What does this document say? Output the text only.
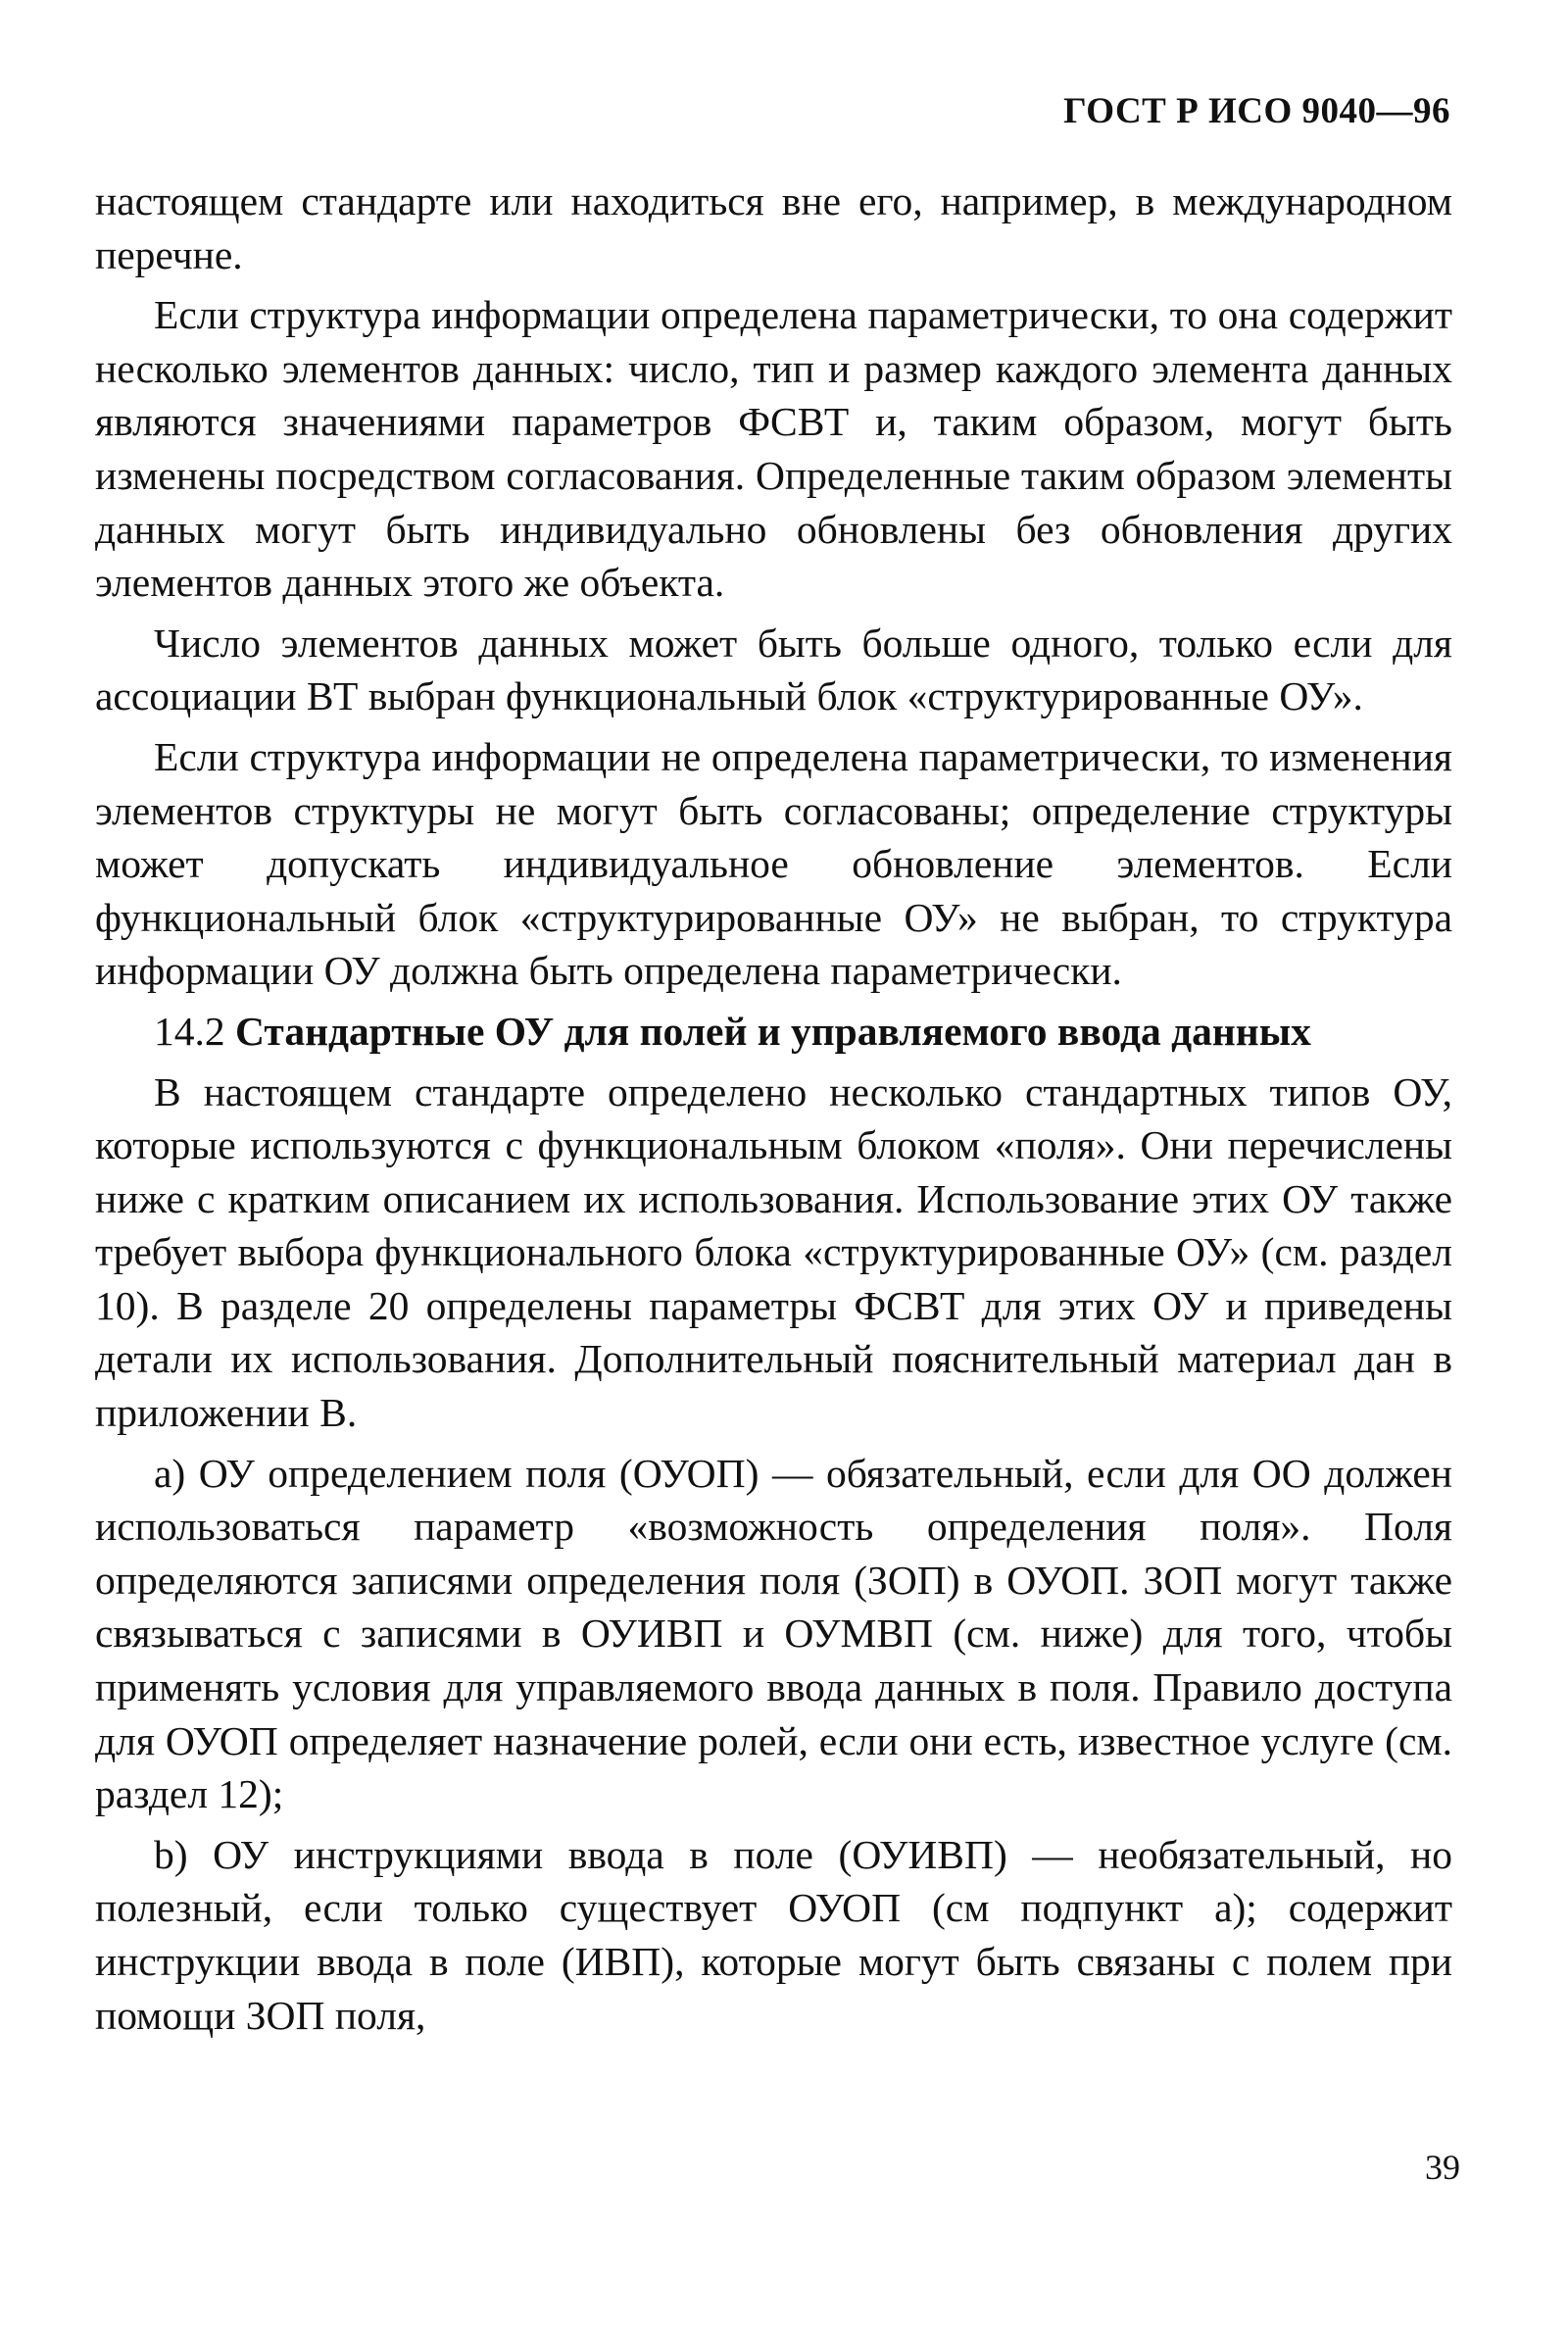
ГОСТ Р ИСО 9040—96

настоящем стандарте или находиться вне его, например, в международном перечне.

Если структура информации определена параметрически, то она содержит несколько элементов данных: число, тип и размер каждого элемента данных являются значениями параметров ФСВТ и, таким образом, могут быть изменены посредством согласования. Определенные таким образом элементы данных могут быть индивидуально обновлены без обновления других элементов данных этого же объекта.

Число элементов данных может быть больше одного, только если для ассоциации ВТ выбран функциональный блок «структурированные ОУ».

Если структура информации не определена параметрически, то изменения элементов структуры не могут быть согласованы; определение структуры может допускать индивидуальное обновление элементов. Если функциональный блок «структурированные ОУ» не выбран, то структура информации ОУ должна быть определена параметрически.

14.2 Стандартные ОУ для полей и управляемого ввода данных

В настоящем стандарте определено несколько стандартных типов ОУ, которые используются с функциональным блоком «поля». Они перечислены ниже с кратким описанием их использования. Использование этих ОУ также требует выбора функционального блока «структурированные ОУ» (см. раздел 10). В разделе 20 определены параметры ФСВТ для этих ОУ и приведены детали их использования. Дополнительный пояснительный материал дан в приложении В.

a) ОУ определением поля (ОУОП) — обязательный, если для ОО должен использоваться параметр «возможность определения поля». Поля определяются записями определения поля (ЗОП) в ОУОП. ЗОП могут также связываться с записями в ОУИВП и ОУМВП (см. ниже) для того, чтобы применять условия для управляемого ввода данных в поля. Правило доступа для ОУОП определяет назначение ролей, если они есть, известное услуге (см. раздел 12);

b) ОУ инструкциями ввода в поле (ОУИВП) — необязательный, но полезный, если только существует ОУОП (см подпункт а); содержит инструкции ввода в поле (ИВП), которые могут быть связаны с полем при помощи ЗОП поля,

39
